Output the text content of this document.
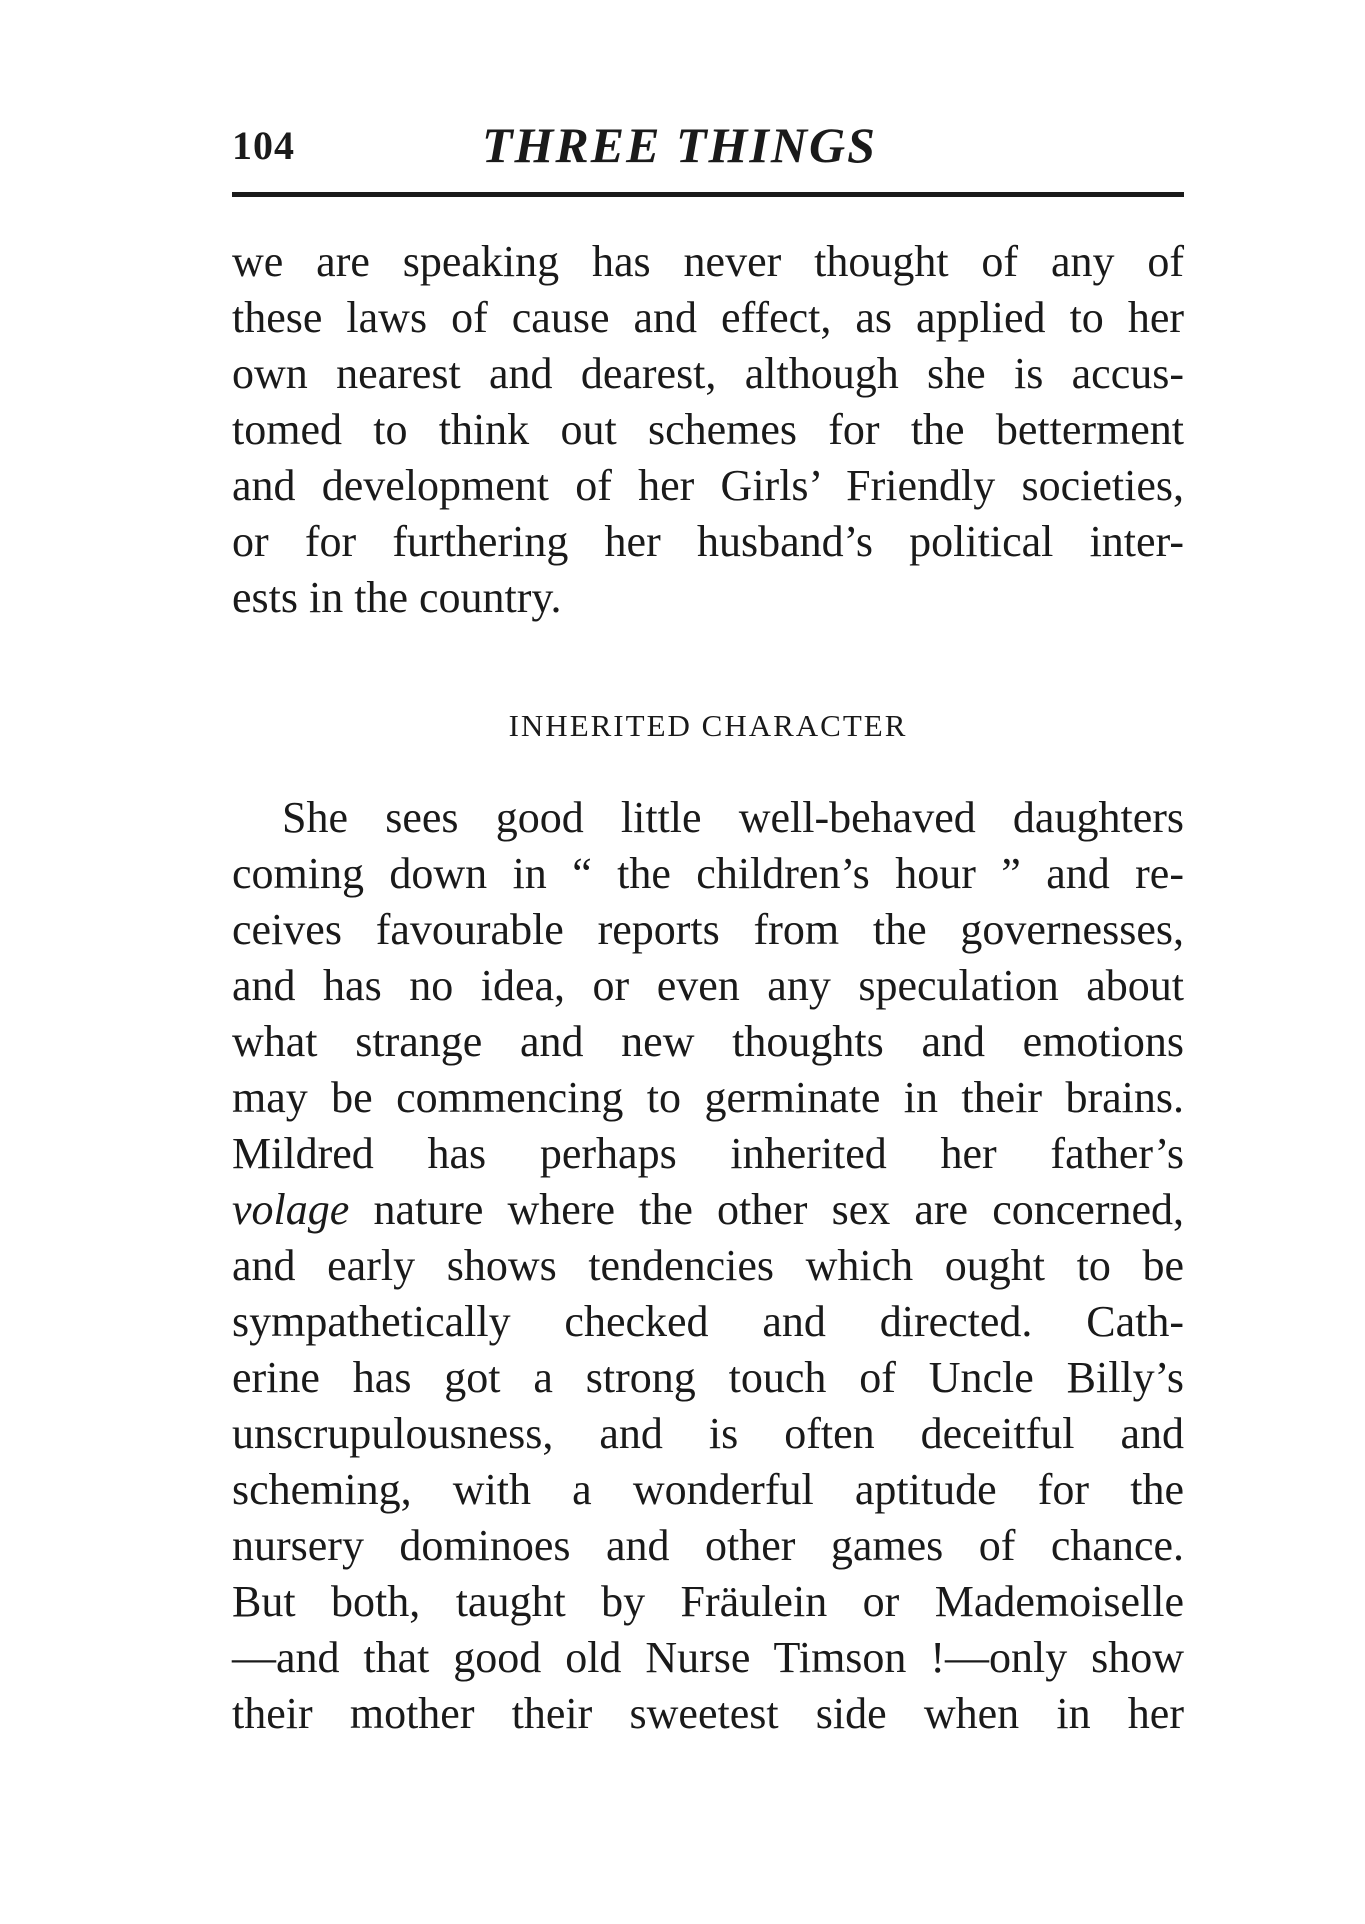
104	THREE THINGS
we are speaking has never thought of any of
these laws of cause and effect, as applied to her
own nearest and dearest, although she is accus-
tomed to think out schemes for the betterment
and development of her Girls’ Friendly societies,
or for furthering her husband’s political inter-
ests in the country.
INHERITED CHARACTER
She sees good little well-behaved daughters
coming down in “ the children’s hour ” and re-
ceives favourable reports from the governesses,
and has no idea, or even any speculation about
what strange and new thoughts and emotions
may be commencing to germinate in their brains.
Mildred has perhaps inherited her father’s
volage nature where the other sex are concerned,
and early shows tendencies which ought to be
sympathetically checked and directed. Cath-
erine has got a strong touch of Uncle Billy’s
unscrupulousness, and is often deceitful and
scheming, with a wonderful aptitude for the
nursery dominoes and other games of chance.
But both, taught by Fräulein or Mademoiselle
—and that good old Nurse Timson !—only show
their mother their sweetest side when in her
